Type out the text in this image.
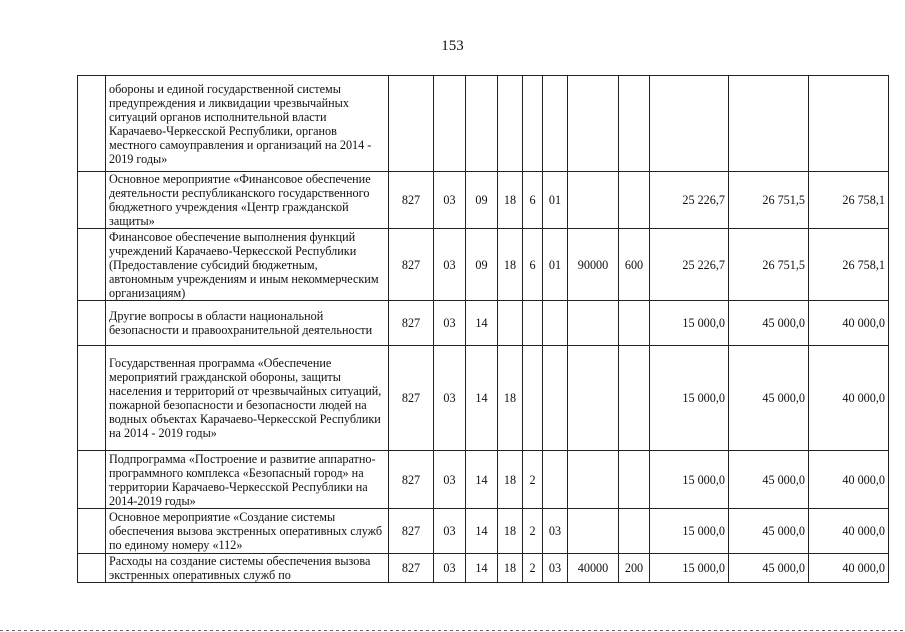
153
	обороны и единой государственной системы предупреждения и ликвидации чрезвычайных ситуаций органов исполнительной власти Карачаево-Черкесской Республики, органов местного самоуправления и организаций на 2014 - 2019 годы»											
	Основное мероприятие «Финансовое обеспечение деятельности республиканского государственного бюджетного учреждения «Центр гражданской защиты»	827	03	09	18	6	01			25 226,7	26 751,5	26 758,1
	Финансовое обеспечение выполнения функций учреждений Карачаево-Черкесской Республики (Предоставление субсидий бюджетным, автономным учреждениям и иным некоммерческим организациям)	827	03	09	18	6	01	90000	600	25 226,7	26 751,5	26 758,1
	Другие вопросы в области национальной безопасности и правоохранительной деятельности	827	03	14						15 000,0	45 000,0	40 000,0
	Государственная программа «Обеспечение мероприятий гражданской обороны, защиты населения и территорий от чрезвычайных ситуаций, пожарной безопасности и безопасности людей на водных объектах Карачаево-Черкесской Республики на 2014 - 2019 годы»	827	03	14	18					15 000,0	45 000,0	40 000,0
	Подпрограмма «Построение и развитие аппаратно-программного комплекса «Безопасный город» на территории Карачаево-Черкесской Республики на 2014-2019 годы»	827	03	14	18	2				15 000,0	45 000,0	40 000,0
	Основное мероприятие «Создание системы обеспечения вызова экстренных оперативных служб по единому номеру «112»	827	03	14	18	2	03			15 000,0	45 000,0	40 000,0
	Расходы на создание системы обеспечения вызова экстренных оперативных служб по	827	03	14	18	2	03	40000	200	15 000,0	45 000,0	40 000,0
